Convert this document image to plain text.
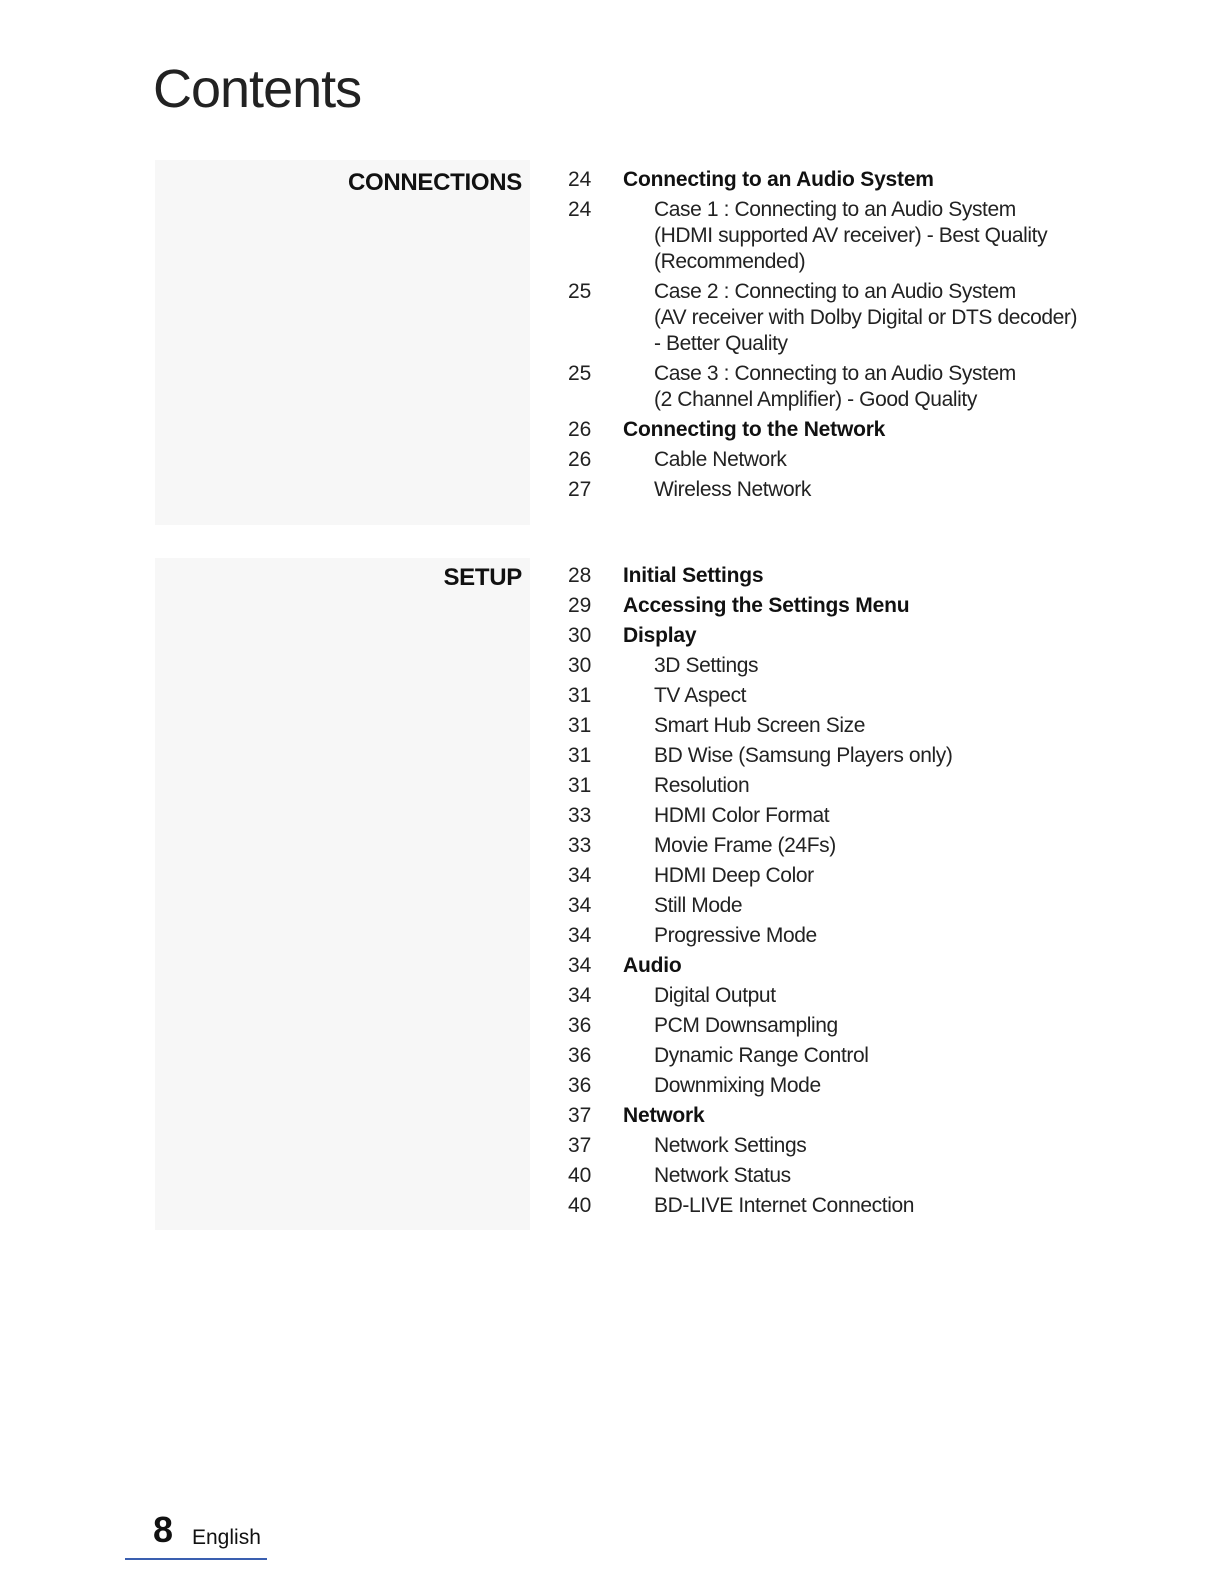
Contents
CONNECTIONS 24	Connecting to an Audio System
24	Case 1 : Connecting to an Audio System
(HDMI supported AV receiver) - Best Quality
(Recommended)
25	Case 2 : Connecting to an Audio System
(AV receiver with Dolby Digital or DTS decoder)
- Better Quality
25	Case 3 : Connecting to an Audio System
(2 Channel Amplifier) - Good Quality
26	Connecting to the Network
26	Cable Network
27	Wireless Network
SETUP 28	Initial Settings
29	Accessing the Settings Menu
30	Display
30	3D Settings
31	TV Aspect
31	Smart Hub Screen Size
31	BD Wise (Samsung Players only)
31	Resolution
33	HDMI Color Format
33	Movie Frame (24Fs)
34	HDMI Deep Color
34	Still Mode
34	Progressive Mode
34	Audio
34	Digital Output
36	PCM Downsampling
36	Dynamic Range Control
36	Downmixing Mode
37	Network
37	Network Settings
40	Network Status
40	BD-LIVE Internet Connection
8 English
